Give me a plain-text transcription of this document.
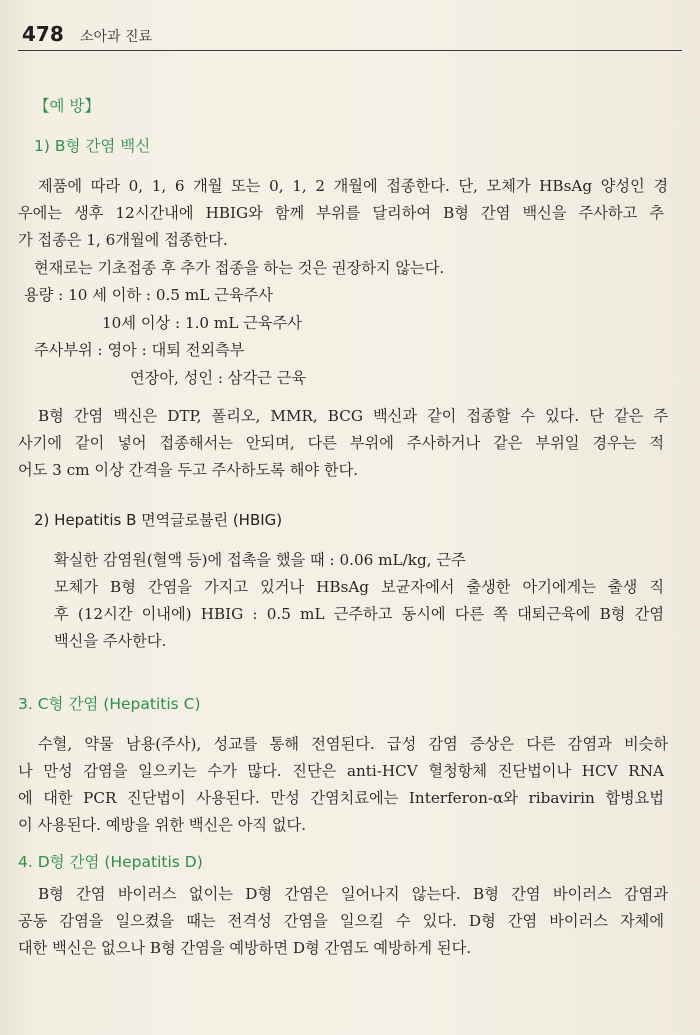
478 소아과 진료
【예 방】
1) B형 간염 백신
제품에 따라 0, 1, 6 개월 또는 0, 1, 2 개월에 접종한다. 단, 모체가 HBsAg 양성인 경
우에는 생후 12시간내에 HBIG와 함께 부위를 달리하여 B형 간염 백신을 주사하고 추
가 접종은 1, 6개월에 접종한다.
현재로는 기초접종 후 추가 접종을 하는 것은 권장하지 않는다.
용량 : 10 세 이하 : 0.5 mL 근육주사
10세 이상 : 1.0 mL 근육주사
주사부위 : 영아 : 대퇴 전외측부
연장아, 성인 : 삼각근 근육
B형 간염 백신은 DTP, 폴리오, MMR, BCG 백신과 같이 접종할 수 있다. 단 같은 주
사기에 같이 넣어 접종해서는 안되며, 다른 부위에 주사하거나 같은 부위일 경우는 적
어도 3 cm 이상 간격을 두고 주사하도록 해야 한다.
2) Hepatitis B 면역글로불린 (HBIG)
확실한 감염원(혈액 등)에 접촉을 했을 때 : 0.06 mL/kg, 근주
모체가 B형 간염을 가지고 있거나 HBsAg 보균자에서 출생한 아기에게는 출생 직
후 (12시간 이내에) HBIG : 0.5 mL 근주하고 동시에 다른 쪽 대퇴근육에 B형 간염
백신을 주사한다.
3. C형 간염 (Hepatitis C)
수혈, 약물 남용(주사), 성교를 통해 전염된다. 급성 감염 증상은 다른 감염과 비슷하
나 만성 감염을 일으키는 수가 많다. 진단은 anti-HCV 혈청항체 진단법이나 HCV RNA
에 대한 PCR 진단법이 사용된다. 만성 간염치료에는 Interferon-α와 ribavirin 합병요법
이 사용된다. 예방을 위한 백신은 아직 없다.
4. D형 간염 (Hepatitis D)
B형 간염 바이러스 없이는 D형 간염은 일어나지 않는다. B형 간염 바이러스 감염과
공동 감염을 일으켰을 때는 전격성 간염을 일으킬 수 있다. D형 간염 바이러스 자체에
대한 백신은 없으나 B형 간염을 예방하면 D형 간염도 예방하게 된다.
